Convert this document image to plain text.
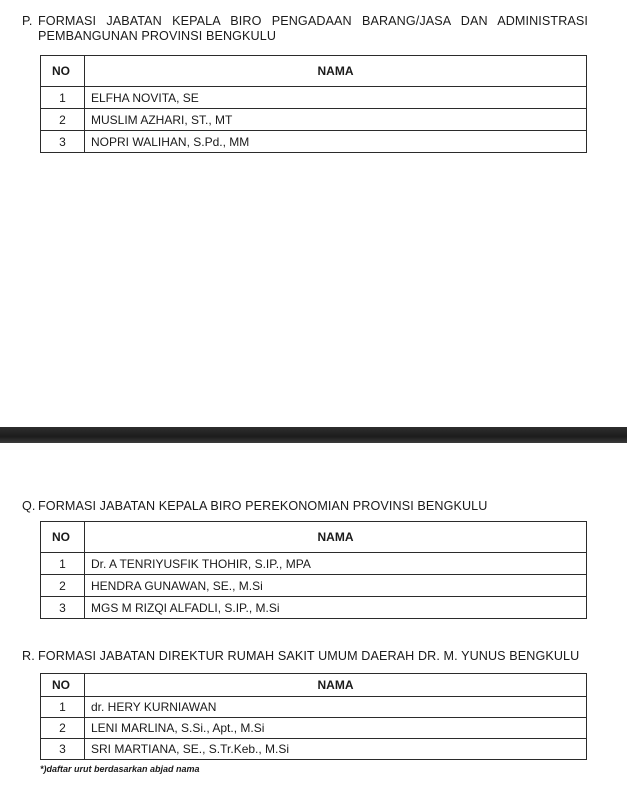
P. FORMASI JABATAN KEPALA BIRO PENGADAAN BARANG/JASA DAN ADMINISTRASI
PEMBANGUNAN PROVINSI BENGKULU
NO	NAMA
1	ELFHA NOVITA, SE
2	MUSLIM AZHARI, ST., MT
3	NOPRI WALIHAN, S.Pd., MM
Q. FORMASI JABATAN KEPALA BIRO PEREKONOMIAN PROVINSI BENGKULU
NO	NAMA
1	Dr. A TENRIYUSFIK THOHIR, S.IP., MPA
2	HENDRA GUNAWAN, SE., M.Si
3	MGS M RIZQI ALFADLI, S.IP., M.Si
R. FORMASI JABATAN DIREKTUR RUMAH SAKIT UMUM DAERAH DR. M. YUNUS BENGKULU
NO	NAMA
1	dr. HERY KURNIAWAN
2	LENI MARLINA, S.Si., Apt., M.Si
3	SRI MARTIANA, SE., S.Tr.Keb., M.Si
*)daftar urut berdasarkan abjad nama
